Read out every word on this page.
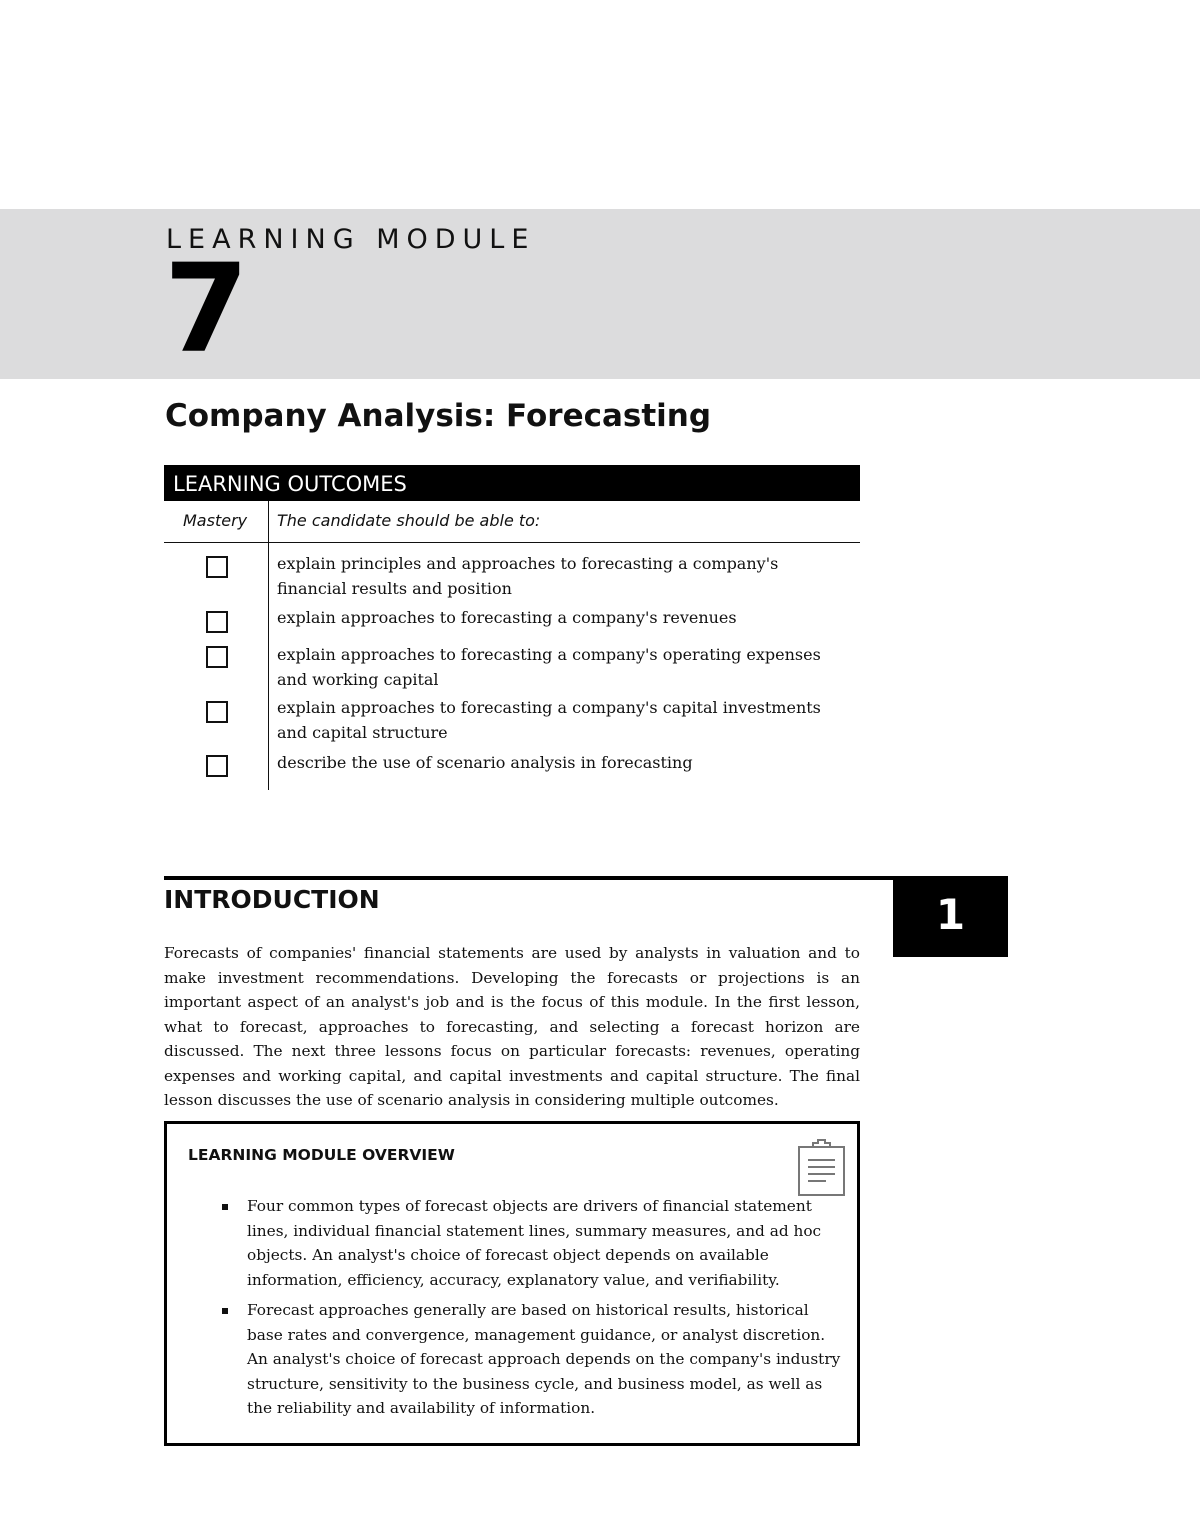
LEARNING MODULE
7
Company Analysis: Forecasting
LEARNING OUTCOMES
Mastery The candidate should be able to:
explain principles and approaches to forecasting a company's financial results and position
explain approaches to forecasting a company's revenues
explain approaches to forecasting a company's operating expenses and working capital
explain approaches to forecasting a company's capital investments and capital structure
describe the use of scenario analysis in forecasting
1
INTRODUCTION

Forecasts of companies' financial statements are used by analysts in valuation and to make investment recommendations. Developing the forecasts or projections is an important aspect of an analyst's job and is the focus of this module. In the first lesson, what to forecast, approaches to forecasting, and selecting a forecast horizon are discussed. The next three lessons focus on particular forecasts: revenues, operating expenses and working capital, and capital investments and capital structure. The final lesson discusses the use of scenario analysis in considering multiple outcomes.

LEARNING MODULE OVERVIEW
Four common types of forecast objects are drivers of financial statement lines, individual financial statement lines, summary measures, and ad hoc objects. An analyst's choice of forecast object depends on available information, efficiency, accuracy, explanatory value, and verifiability.
Forecast approaches generally are based on historical results, historical base rates and convergence, management guidance, or analyst discretion. An analyst's choice of forecast approach depends on the company's industry structure, sensitivity to the business cycle, and business model, as well as the reliability and availability of information.
